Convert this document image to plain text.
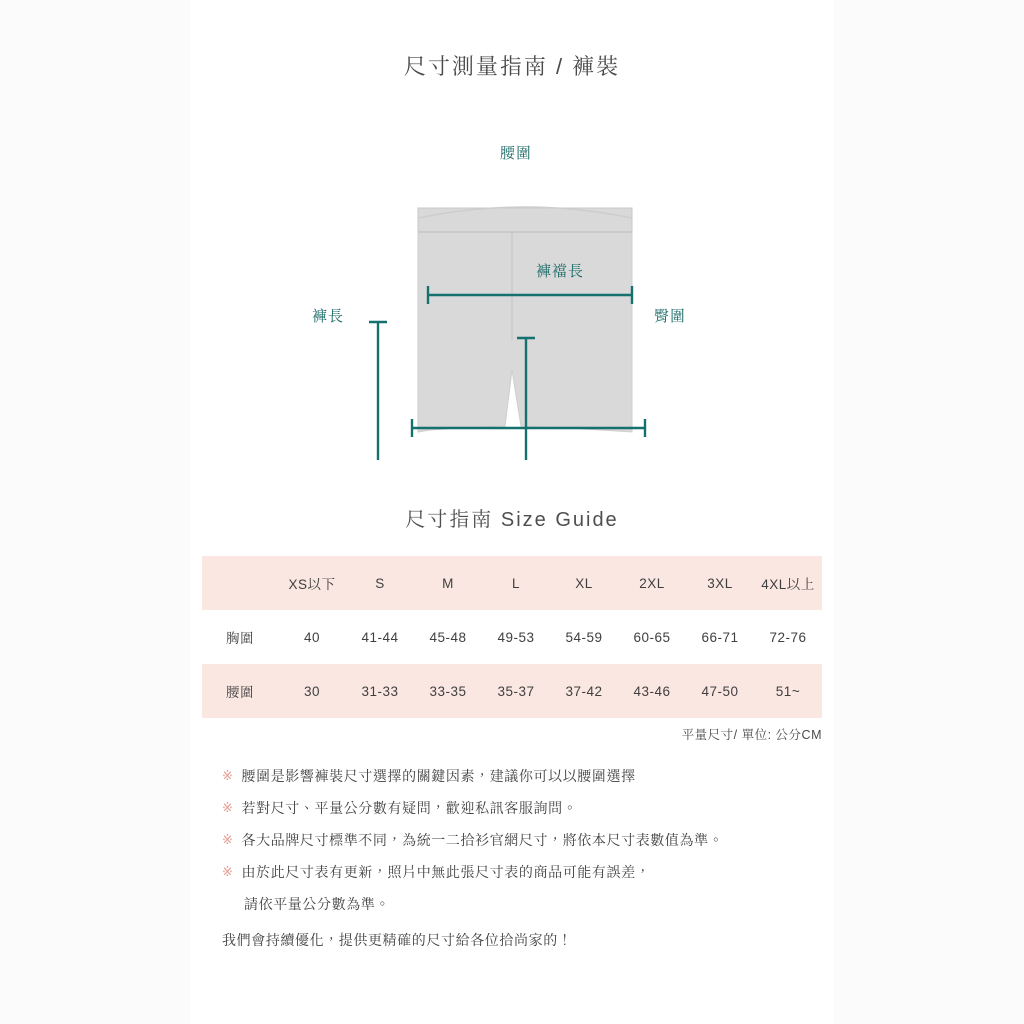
尺寸測量指南 / 褲裝
腰圍
褲襠長
臀圍
褲長
尺寸指南 Size Guide
	XS以下	S	M	L	XL	2XL	3XL	4XL以上
胸圍	40	41-44	45-48	49-53	54-59	60-65	66-71	72-76
腰圍	30	31-33	33-35	35-37	37-42	43-46	47-50	51~
平量尺寸/ 單位: 公分CM
※ 腰圍是影響褲裝尺寸選擇的關鍵因素，建議你可以以腰圍選擇
※ 若對尺寸、平量公分數有疑問，歡迎私訊客服詢問。
※ 各大品牌尺寸標準不同，為統一二拾衫官網尺寸，將依本尺寸表數值為準。
※ 由於此尺寸表有更新，照片中無此張尺寸表的商品可能有誤差，
請依平量公分數為準。
我們會持續優化，提供更精確的尺寸給各位拾尚家的！
